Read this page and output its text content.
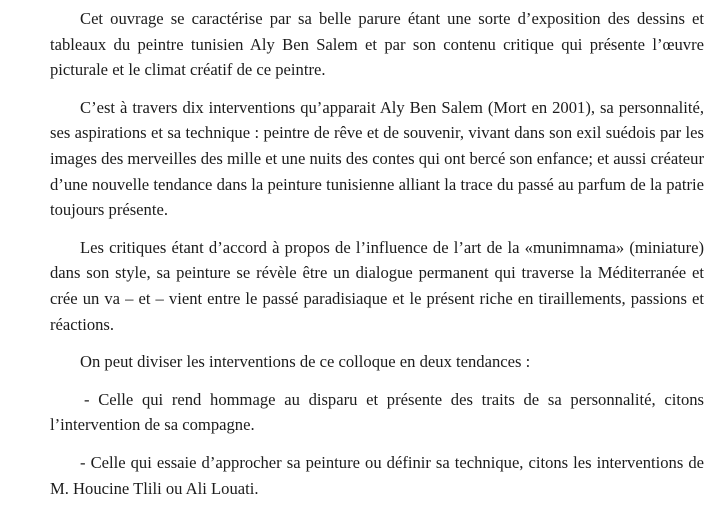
Cet ouvrage se caractérise par sa belle parure étant une sorte d’exposition des dessins et tableaux du peintre tunisien Aly Ben Salem et par son contenu critique qui présente l’œuvre picturale et le climat créatif de ce peintre.

C’est à travers dix interventions qu’apparait Aly Ben Salem (Mort en 2001), sa personnalité, ses aspirations et sa technique : peintre de rêve et de souvenir, vivant dans son exil suédois par les images des merveilles des mille et une nuits des contes qui ont bercé son enfance; et aussi créateur d’une nouvelle tendance dans la peinture tunisienne alliant la trace du passé au parfum de la patrie toujours présente.

Les critiques étant d’accord à propos de l’influence de l’art de la «munimnama» (miniature) dans son style, sa peinture se révèle être un dialogue permanent qui traverse la Méditerranée et crée un va – et – vient entre le passé paradisiaque et le présent riche en tiraillements, passions et réactions.

On peut diviser les interventions de ce colloque en deux tendances :

- Celle qui rend hommage au disparu et présente des traits de sa personnalité, citons l’intervention de sa compagne.

- Celle qui essaie d’approcher sa peinture ou définir sa technique, citons les interventions de M. Houcine Tlili ou Ali Louati.
